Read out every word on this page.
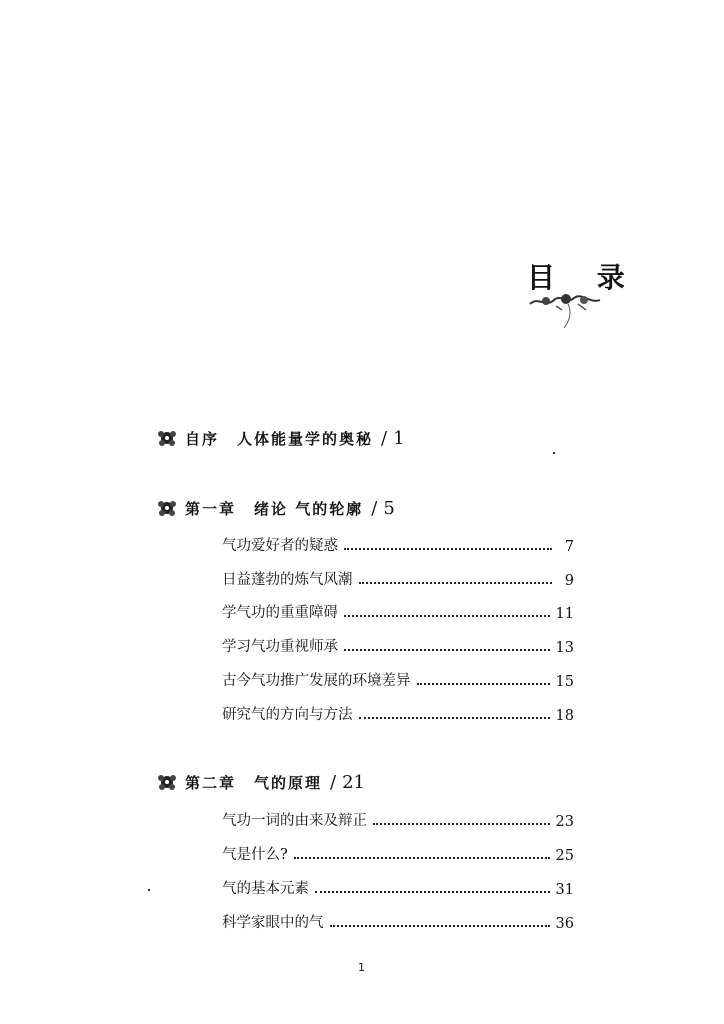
目 录
自序 人体能量学的奥秘 / 1
第一章 绪论 气的轮廓 / 5
气功爱好者的疑惑	7
日益蓬勃的炼气风潮	9
学气功的重重障碍	11
学习气功重视师承	13
古今气功推广发展的环境差异	15
研究气的方向与方法	18
第二章 气的原理 / 21
气功一词的由来及辩正	23
气是什么?	25
气的基本元素	31
科学家眼中的气	36
1
